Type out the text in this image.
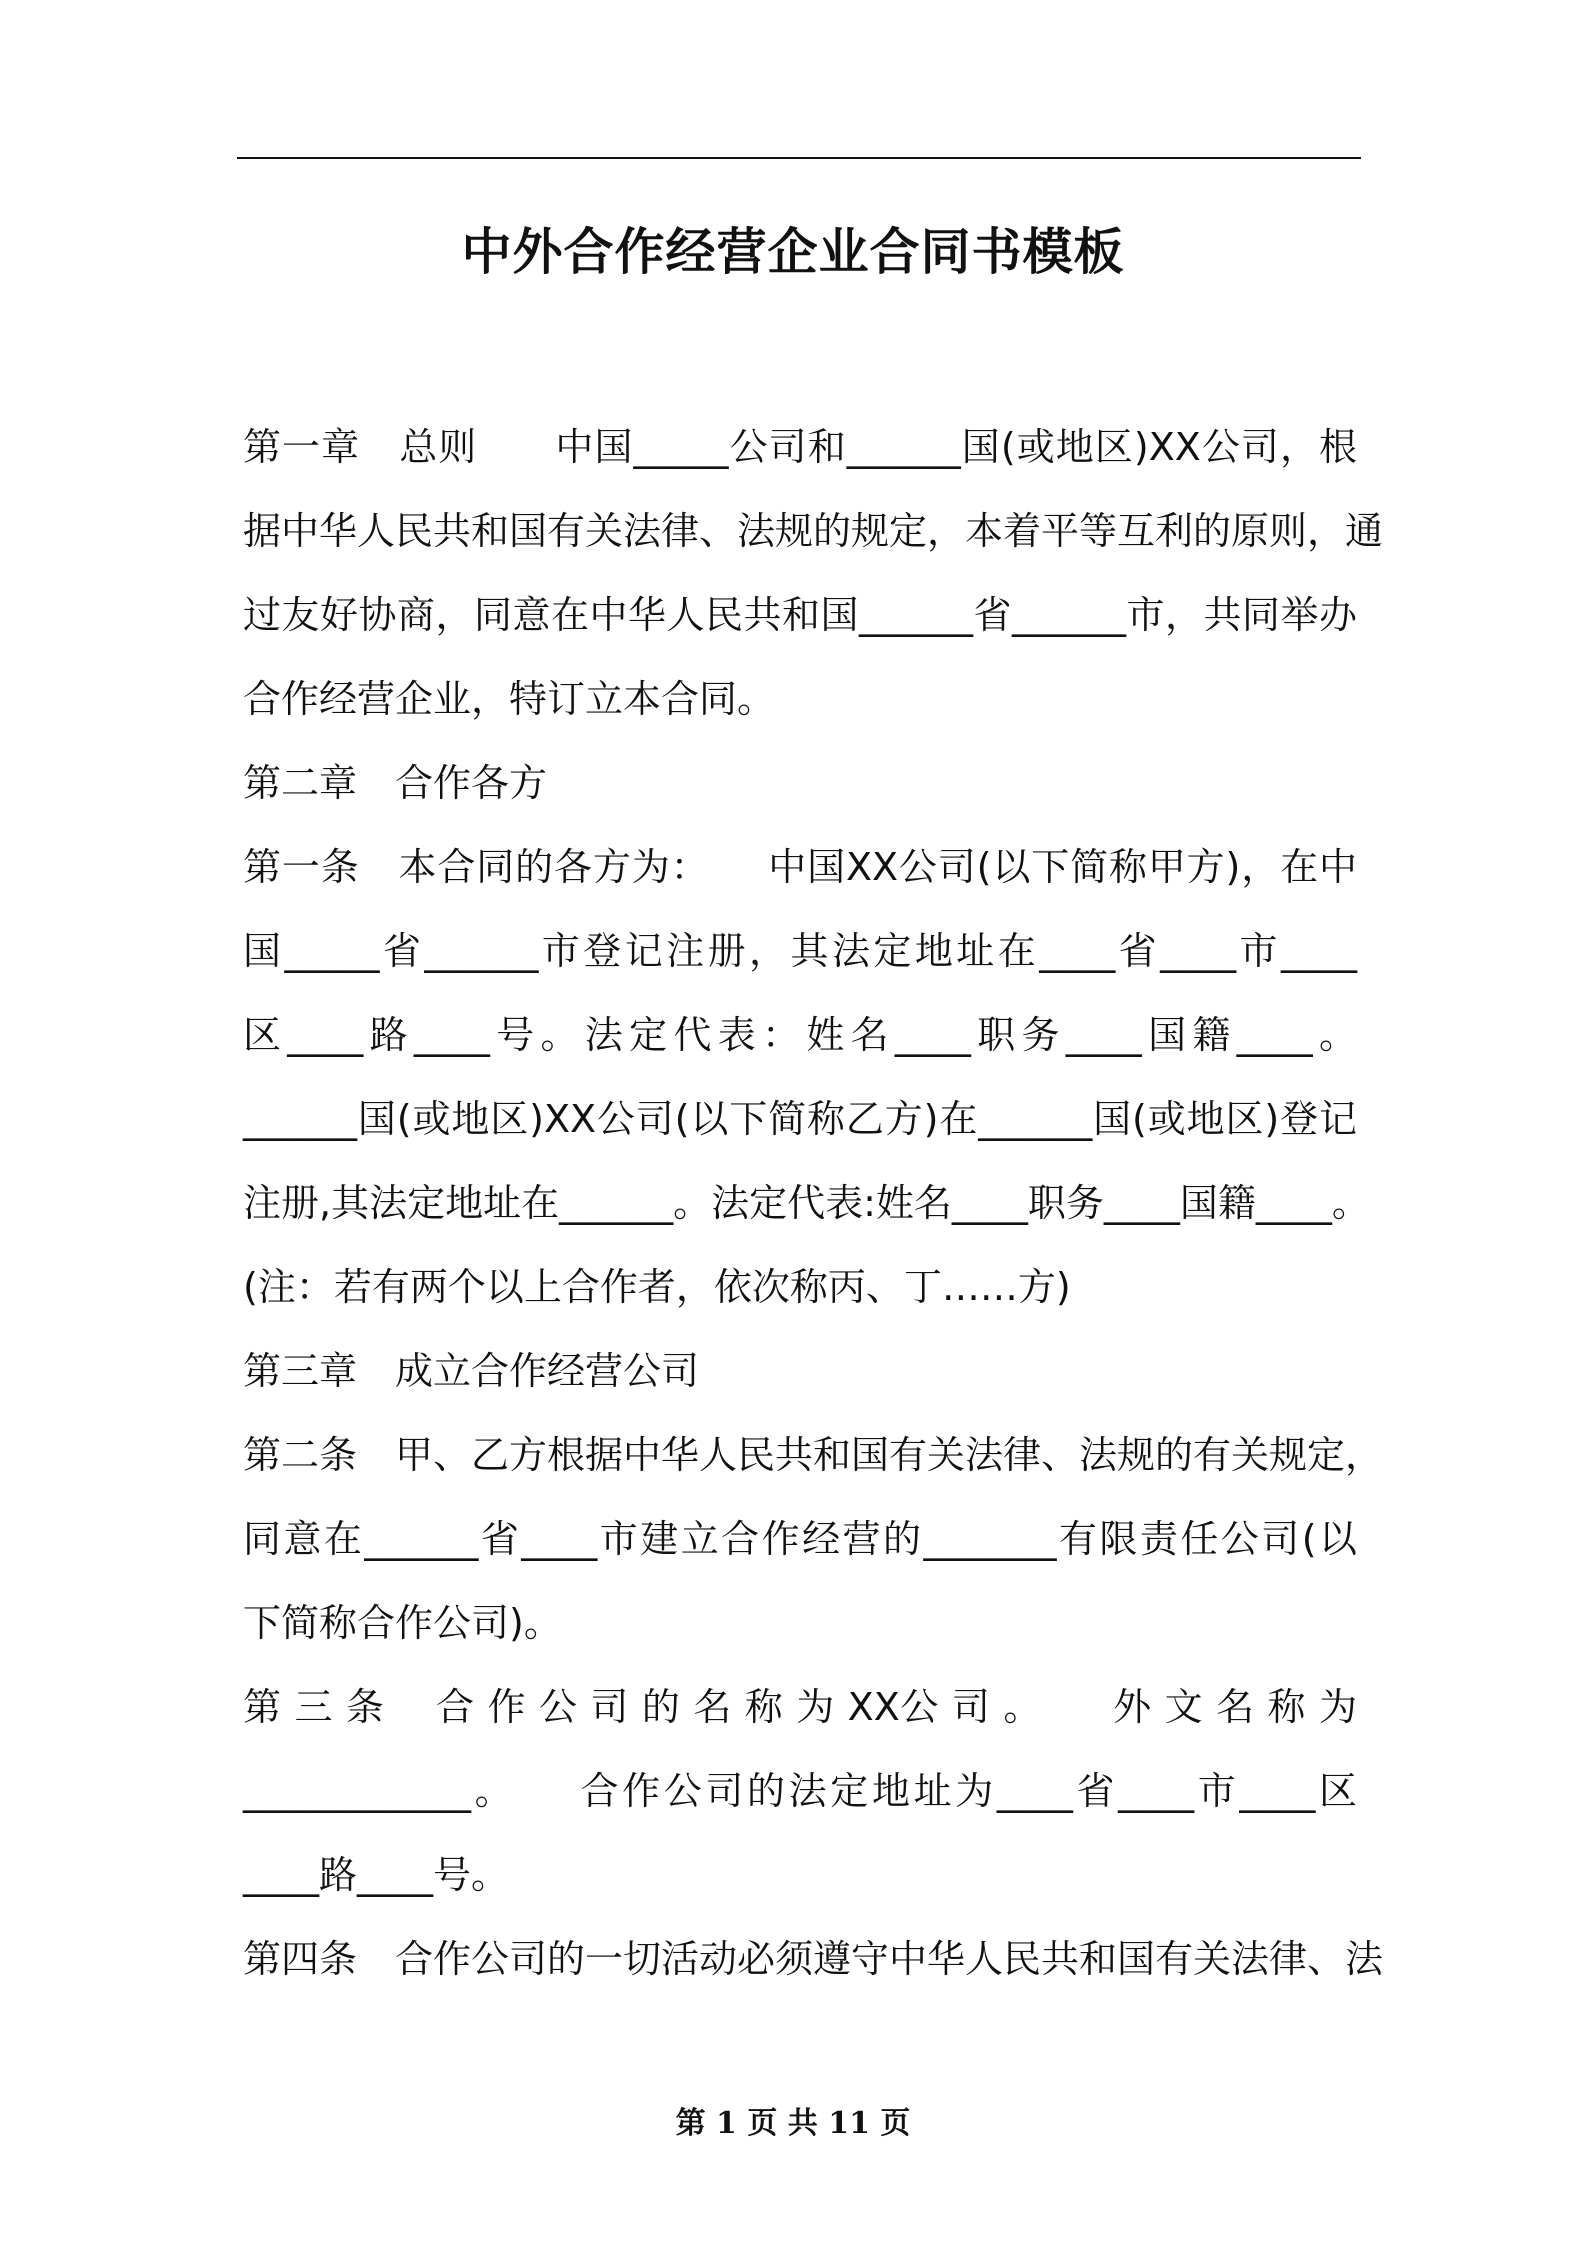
中外合作经营企业合同书模板
第一章　总则　　中国_____公司和______国(或地区)XX公司，根
据中华人民共和国有关法律、法规的规定，本着平等互利的原则，通
过友好协商，同意在中华人民共和国______省______市，共同举办
合作经营企业，特订立本合同。
第二章　合作各方
第一条　本合同的各方为：　　中国XX公司(以下简称甲方)，在中
国_____省______市登记注册，其法定地址在____省____市____
区____路____号。法定代表：姓名____职务____国籍____。
______国(或地区)XX公司(以下简称乙方)在______国(或地区)登记
注册,其法定地址在______。法定代表:姓名____职务____国籍____。
(注：若有两个以上合作者，依次称丙、丁……方)
第三章　成立合作经营公司
第二条　甲、乙方根据中华人民共和国有关法律、法规的有关规定，
同意在______省____市建立合作经营的_______有限责任公司(以
下简称合作公司)。
第 三 条　 合 作 公 司 的 名 称 为 XX公 司 。　　 外 文 名 称 为
____________。　　合作公司的法定地址为____省____市____区
____路____号。
第四条　合作公司的一切活动必须遵守中华人民共和国有关法律、法
第 1 页 共 11 页
